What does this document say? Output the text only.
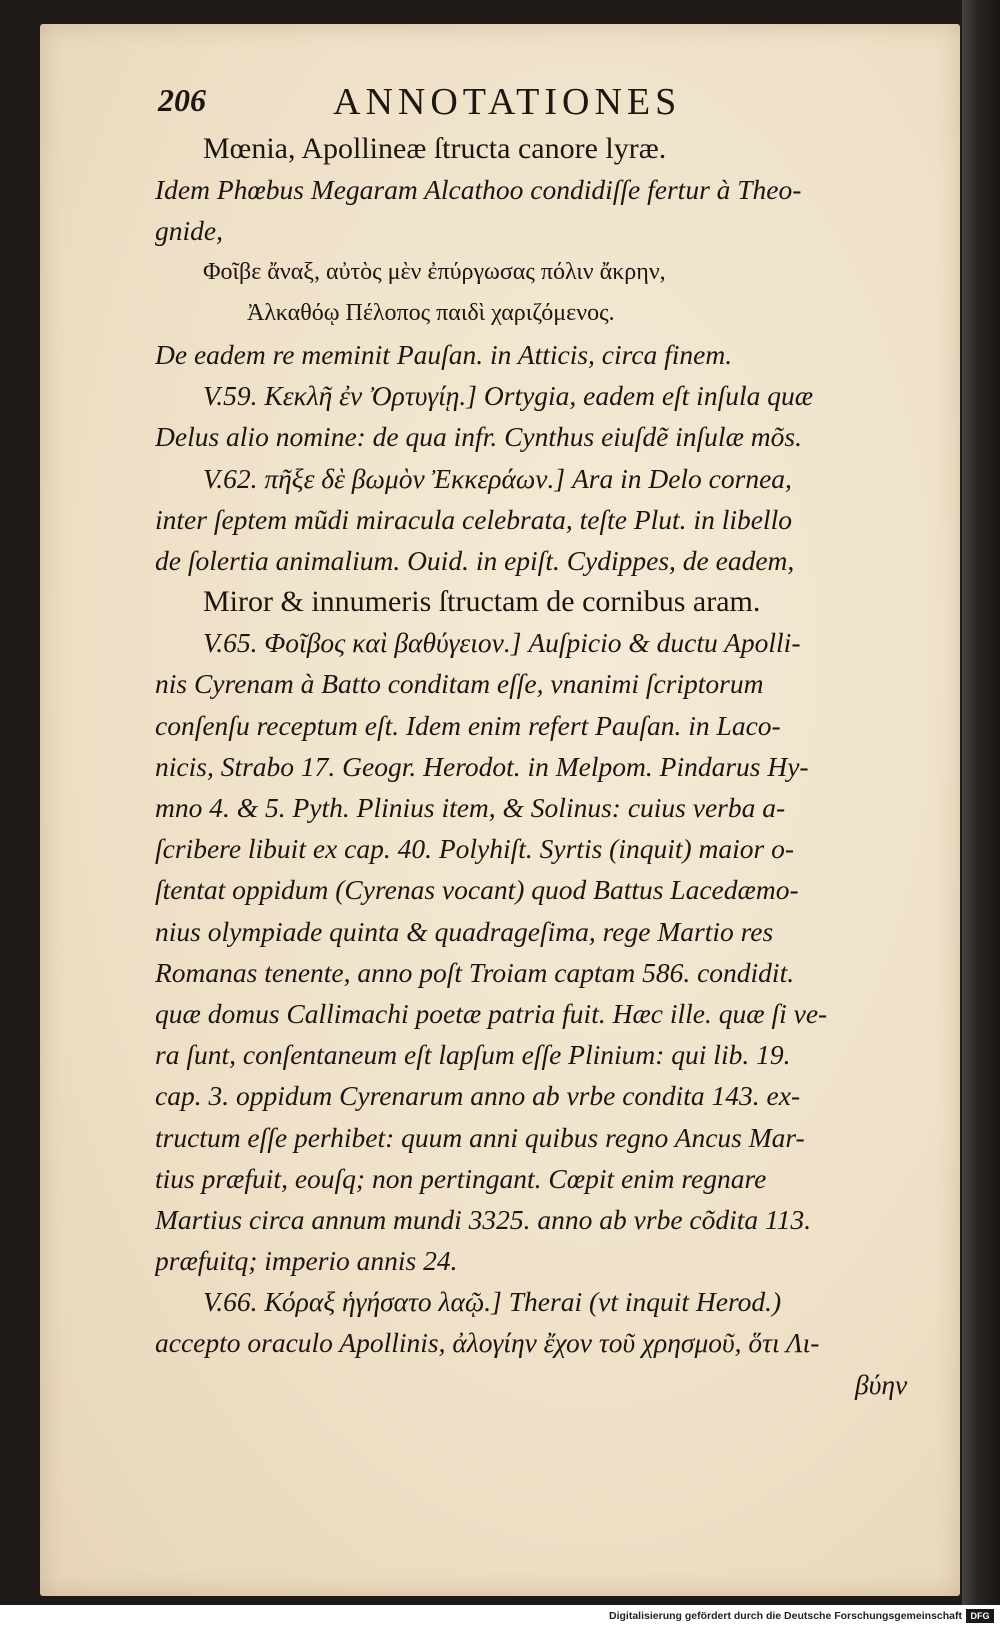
206	ANNOTATIONES
Mœnia, Apollineæ ſtructa canore lyræ.
Idem Phœbus Megaram Alcathoo condidiſſe fertur à Theo-
gnide,
Φοῖβε ἄναξ, αὐτὸς μὲν ἐπύργωσας πόλιν ἄκρην,
Ἀλκαθόῳ Πέλοπος παιδὶ χαριζόμενος.
De eadem re meminit Pauſan. in Atticis, circa finem.
V.59. Κεκλῆ ἐν Ὀρτυγίῃ.] Ortygia, eadem eſt inſula quæ
Delus alio nomine: de qua infr. Cynthus eiuſdẽ inſulæ mõs.
V.62. πῆξε δὲ βωμὸν Ἐκκεράων.] Ara in Delo cornea,
inter ſeptem mũdi miracula celebrata, teſte Plut. in libello
de ſolertia animalium. Ouid. in epiſt. Cydippes, de eadem,
Miror & innumeris ſtructam de cornibus aram.
V.65. Φοῖβος καὶ βαθύγειον.] Auſpicio & ductu Apolli-
nis Cyrenam à Batto conditam eſſe, vnanimi ſcriptorum
conſenſu receptum eſt. Idem enim refert Pauſan. in Laco-
nicis, Strabo 17. Geogr. Herodot. in Melpom. Pindarus Hy-
mno 4. & 5. Pyth. Plinius item, & Solinus: cuius verba a-
ſcribere libuit ex cap. 40. Polyhiſt. Syrtis (inquit) maior o-
ſtentat oppidum (Cyrenas vocant) quod Battus Lacedæmo-
nius olympiade quinta & quadrageſima, rege Martio res
Romanas tenente, anno poſt Troiam captam 586. condidit.
quæ domus Callimachi poetæ patria fuit. Hæc ille. quæ ſi ve-
ra ſunt, conſentaneum eſt lapſum eſſe Plinium: qui lib. 19.
cap. 3. oppidum Cyrenarum anno ab vrbe condita 143. ex-
tructum eſſe perhibet: quum anni quibus regno Ancus Mar-
tius præfuit, eouſq; non pertingant. Cœpit enim regnare
Martius circa annum mundi 3325. anno ab vrbe cõdita 113.
præfuitq; imperio annis 24.
V.66. Κόραξ ἡγήσατο λαῷ.] Therai (vt inquit Herod.)
accepto oraculo Apollinis, ἀλογίην ἔχον τοῦ χρησμοῦ, ὅτι Λι-
βύην
Digitalisierung gefördert durch die Deutsche Forschungsgemeinschaft DFG
